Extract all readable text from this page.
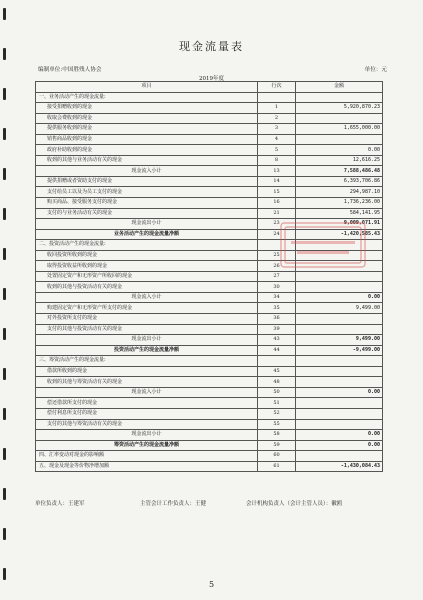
现金流量表
编制单位:中国胜残人协会	单位：元
2019年度
项目	行次	金额
一、业务活动产生的现金流量:		
接受捐赠收到的现金	1	5,920,870.23
收取会费收到的现金	2	
提供服务收到的现金	3	1,655,000.00
销售商品收到的现金	4	
政府补助收到的现金	5	0.00
收到的其他与业务活动有关的现金	8	12,616.25
现金流入小计	13	7,588,486.48
提供捐赠或者资助支付的现金	14	6,393,706.86
支付给员工以及为员工支付的现金	15	294,987.10
购买商品、接受服务支付的现金	16	1,736,236.00
支付的与业务活动有关的现金	21	584,141.95
现金流出小计	23	9,009,071.91
业务活动产生的现金流量净额	24	-1,420,585.43
二、投资活动产生的现金流量:		
收回投资所收到的现金	25	
取得投资收益所收到的现金	26	
处置固定资产和无形资产所收回的现金	27	
收到的其他与投资活动有关的现金	30	
现金流入小计	34	0.00
购建固定资产和无形资产所支付的现金	35	9,499.00
对外投资所支付的现金	36	
支付的其他与投资活动有关的现金	39	
现金流出小计	43	9,499.00
投资活动产生的现金流量净额	44	-9,499.00
三、筹资活动产生的现金流量:		
借款所收到的现金	45	
收到的其他与筹资活动有关的现金	48	
现金流入小计	50	0.00
偿还借款所支付的现金	51	
偿付利息所支付的现金	52	
支付的其他与筹资活动有关的现金	55	
现金流出小计	58	0.00
筹资活动产生的现金流量净额	59	0.00
四、汇率变动对现金的影响额	60	
五、现金及现金等价物净增加额	61	-1,430,084.43
单位负责人：王建军	主管会计工作负责人：王健	会计机构负责人（会计主管人员）：徽鸥
5
